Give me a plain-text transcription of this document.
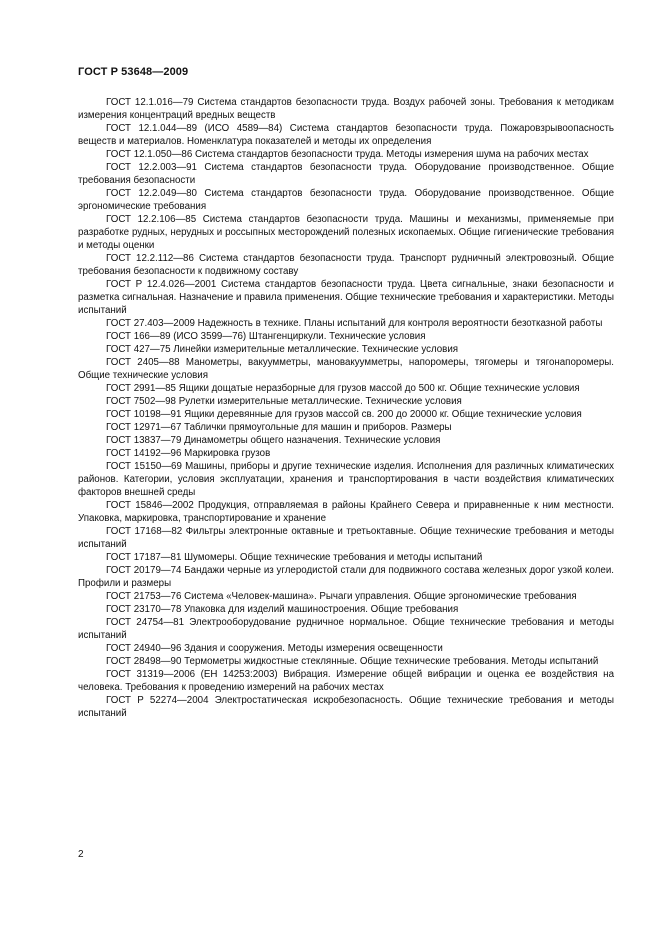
ГОСТ Р 53648—2009

ГОСТ 12.1.016—79 Система стандартов безопасности труда. Воздух рабочей зоны. Требования к методикам измерения концентраций вредных веществ

ГОСТ 12.1.044—89 (ИСО 4589—84) Система стандартов безопасности труда. Пожаровзрывоопасность веществ и материалов. Номенклатура показателей и методы их определения

ГОСТ 12.1.050—86 Система стандартов безопасности труда. Методы измерения шума на рабочих местах

ГОСТ 12.2.003—91 Система стандартов безопасности труда. Оборудование производственное. Общие требования безопасности

ГОСТ 12.2.049—80 Система стандартов безопасности труда. Оборудование производственное. Общие эргономические требования

ГОСТ 12.2.106—85 Система стандартов безопасности труда. Машины и механизмы, применяемые при разработке рудных, нерудных и россыпных месторождений полезных ископаемых. Общие гигиенические требования и методы оценки

ГОСТ 12.2.112—86 Система стандартов безопасности труда. Транспорт рудничный электровозный. Общие требования безопасности к подвижному составу

ГОСТ Р 12.4.026—2001 Система стандартов безопасности труда. Цвета сигнальные, знаки безопасности и разметка сигнальная. Назначение и правила применения. Общие технические требования и характеристики. Методы испытаний

ГОСТ 27.403—2009 Надежность в технике. Планы испытаний для контроля вероятности безотказной работы

ГОСТ 166—89 (ИСО 3599—76) Штангенциркули. Технические условия

ГОСТ 427—75 Линейки измерительные металлические. Технические условия

ГОСТ 2405—88 Манометры, вакуумметры, мановакуумметры, напоромеры, тягомеры и тягонапоромеры. Общие технические условия

ГОСТ 2991—85 Ящики дощатые неразборные для грузов массой до 500 кг. Общие технические условия

ГОСТ 7502—98 Рулетки измерительные металлические. Технические условия

ГОСТ 10198—91 Ящики деревянные для грузов массой св. 200 до 20000 кг. Общие технические условия

ГОСТ 12971—67 Таблички прямоугольные для машин и приборов. Размеры

ГОСТ 13837—79 Динамометры общего назначения. Технические условия

ГОСТ 14192—96 Маркировка грузов

ГОСТ 15150—69 Машины, приборы и другие технические изделия. Исполнения для различных климатических районов. Категории, условия эксплуатации, хранения и транспортирования в части воздействия климатических факторов внешней среды

ГОСТ 15846—2002 Продукция, отправляемая в районы Крайнего Севера и приравненные к ним местности. Упаковка, маркировка, транспортирование и хранение

ГОСТ 17168—82 Фильтры электронные октавные и третьоктавные. Общие технические требования и методы испытаний

ГОСТ 17187—81 Шумомеры. Общие технические требования и методы испытаний

ГОСТ 20179—74 Бандажи черные из углеродистой стали для подвижного состава железных дорог узкой колеи. Профили и размеры

ГОСТ 21753—76 Система «Человек-машина». Рычаги управления. Общие эргономические требования

ГОСТ 23170—78 Упаковка для изделий машиностроения. Общие требования

ГОСТ 24754—81 Электрооборудование рудничное нормальное. Общие технические требования и методы испытаний

ГОСТ 24940—96 Здания и сооружения. Методы измерения освещенности

ГОСТ 28498—90 Термометры жидкостные стеклянные. Общие технические требования. Методы испытаний

ГОСТ 31319—2006 (ЕН 14253:2003) Вибрация. Измерение общей вибрации и оценка ее воздействия на человека. Требования к проведению измерений на рабочих местах

ГОСТ Р 52274—2004 Электростатическая искробезопасность. Общие технические требования и методы испытаний

2
